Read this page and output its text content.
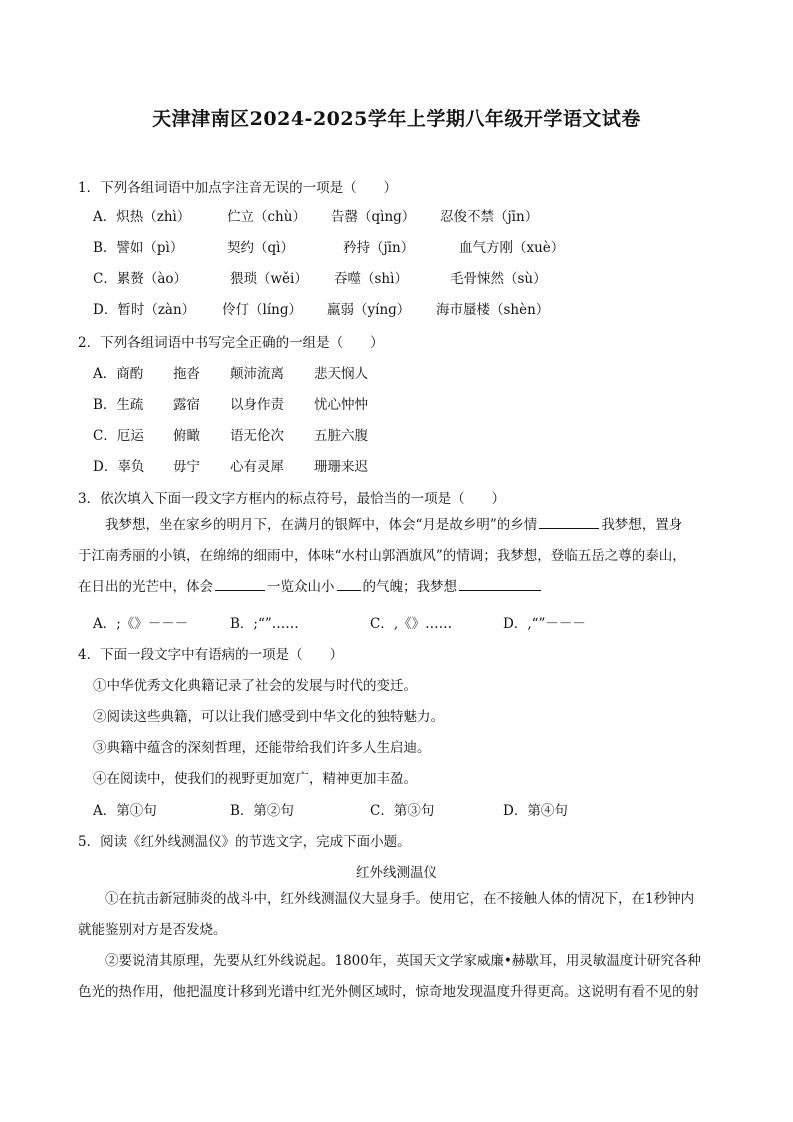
天津津南区2024-2025学年上学期八年级开学语文试卷
1．下列各组词语中加点字注音无误的一项是（　　）
A．炽热（zhì）	伫立（chù） 告罄（qìnɡ） 忍俊不禁（jīn）
B．譬如（pì）	契约（qì）	矜持（jīn）	血气方刚（xuè）
C．累赘（ào）	猥琐（wěi） 吞噬（shì）	毛骨悚然（sù）
D．暂时（zàn） 伶仃（línɡ） 羸弱（yínɡ） 海市蜃楼（shèn）
2．下列各组词语中书写完全正确的一组是（　　）
A．商酌 拖沓 颠沛流离 悲天悯人
B．生疏 露宿 以身作责 忧心忡忡
C．厄运 俯瞰 语无伦次 五脏六腹
D．辜负 毋宁 心有灵犀 珊珊来迟
3．依次填入下面一段文字方框内的标点符号，最恰当的一项是（　　）
我梦想，坐在家乡的明月下，在满月的银辉中，体会“月是故乡明”的乡情	我梦想，置身
于江南秀丽的小镇，在绵绵的细雨中，体味“水村山郭酒旗风”的情调；我梦想，登临五岳之尊的泰山，
在日出的光芒中，体会	一览众山小 的气魄；我梦想
A．;《》－－－	B．;“”……	C．,《》……	D．,“”－－－
4．下面一段文字中有语病的一项是（　　）
①中华优秀文化典籍记录了社会的发展与时代的变迁。
②阅读这些典籍，可以让我们感受到中华文化的独特魅力。
③典籍中蕴含的深刻哲理，还能带给我们许多人生启迪。
④在阅读中，使我们的视野更加宽广，精神更加丰盈。
A．第①句	B．第②句	C．第③句	D．第④句
5．阅读《红外线测温仪》的节选文字，完成下面小题。
红外线测温仪
①在抗击新冠肺炎的战斗中，红外线测温仪大显身手。使用它，在不接触人体的情况下，在1秒钟内
就能鉴别对方是否发烧。
②要说清其原理，先要从红外线说起。1800年，英国天文学家威廉•赫歇耳，用灵敏温度计研究各种
色光的热作用，他把温度计移到光谱中红光外侧区域时，惊奇地发现温度升得更高。这说明有看不见的射
